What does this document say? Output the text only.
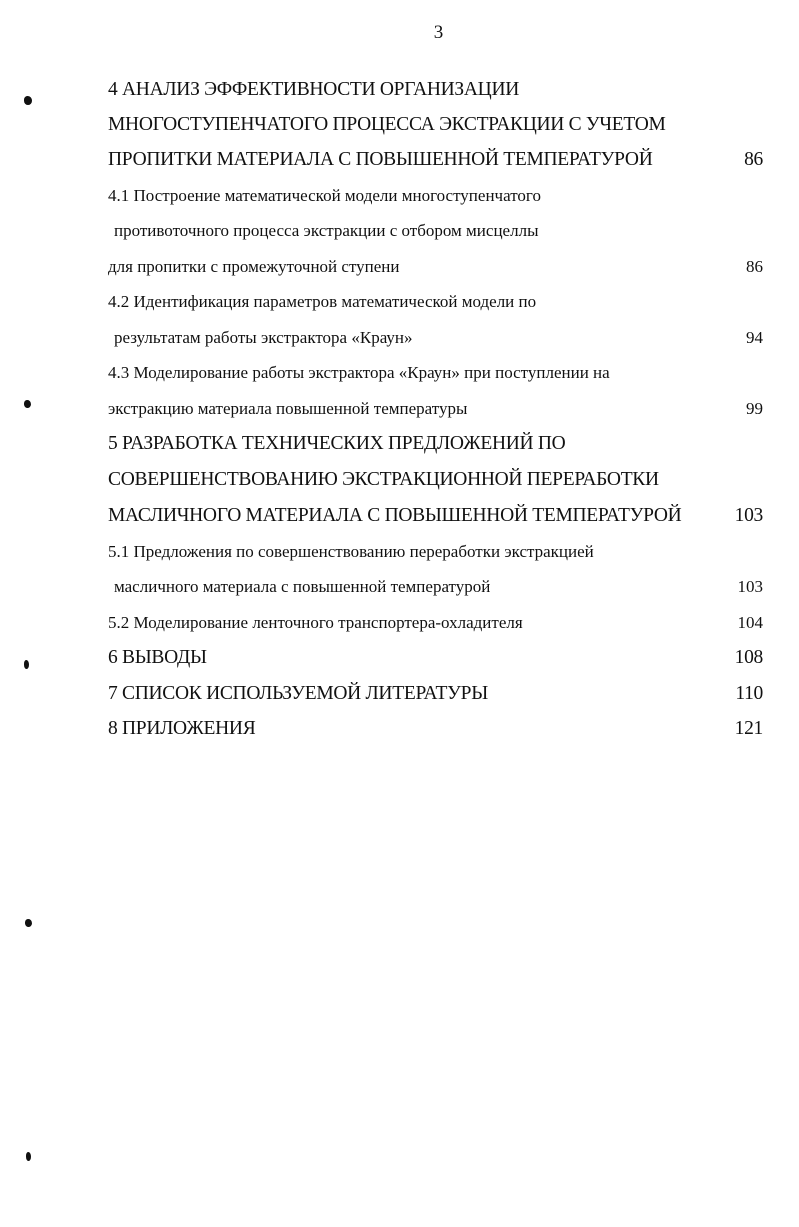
3
4 АНАЛИЗ ЭФФЕКТИВНОСТИ ОРГАНИЗАЦИИ
МНОГОСТУПЕНЧАТОГО ПРОЦЕССА ЭКСТРАКЦИИ С УЧЕТОМ
ПРОПИТКИ МАТЕРИАЛА С ПОВЫШЕННОЙ ТЕМПЕРАТУРОЙ	86
4.1 Построение математической модели многоступенчатого
противоточного процесса экстракции с отбором мисцеллы
для пропитки с промежуточной ступени	86
4.2 Идентификация параметров математической модели по
результатам работы экстрактора «Краун»	94
4.3 Моделирование работы экстрактора «Краун» при поступлении на
экстракцию материала повышенной температуры	99
5 РАЗРАБОТКА ТЕХНИЧЕСКИХ ПРЕДЛОЖЕНИЙ ПО
СОВЕРШЕНСТВОВАНИЮ ЭКСТРАКЦИОННОЙ ПЕРЕРАБОТКИ
МАСЛИЧНОГО МАТЕРИАЛА С ПОВЫШЕННОЙ ТЕМПЕРАТУРОЙ	103
5.1 Предложения по совершенствованию переработки экстракцией
масличного материала с повышенной температурой	103
5.2 Моделирование ленточного транспортера-охладителя	104
6 ВЫВОДЫ	108
7 СПИСОК ИСПОЛЬЗУЕМОЙ ЛИТЕРАТУРЫ	110
8 ПРИЛОЖЕНИЯ	121
